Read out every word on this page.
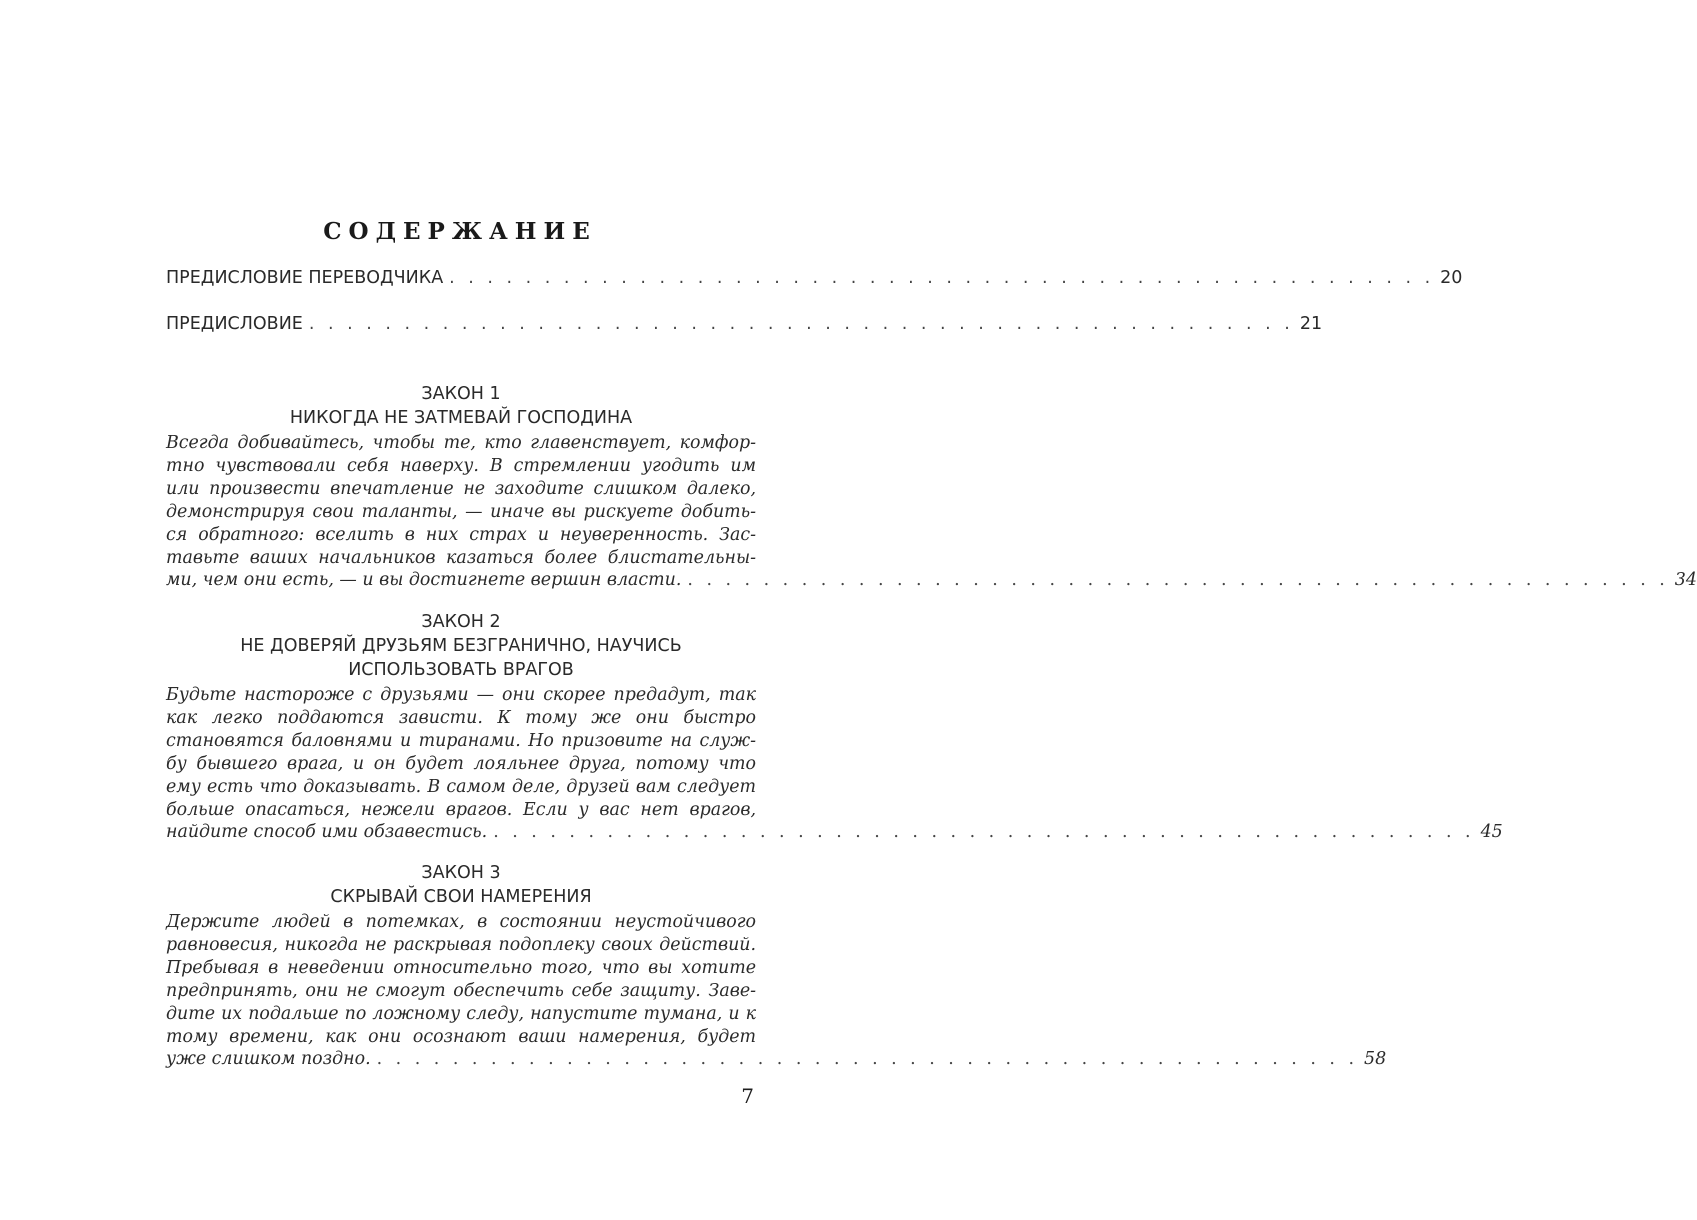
СОДЕРЖАНИЕ
ПРЕДИСЛОВИЕ ПЕРЕВОДЧИКА . . . . . . . . . . . . . . . . . . . . . . . . . . . . . . . . . . . . . . . . . . . . . . . . . . . . 20
ПРЕДИСЛОВИЕ . . . . . . . . . . . . . . . . . . . . . . . . . . . . . . . . . . . . . . . . . . . . . . . . . . . . 21
ЗАКОН 1
НИКОГДА НЕ ЗАТМЕВАЙ ГОСПОДИНА
Всегда добивайтесь, чтобы те, кто главенствует, комфор-
тно чувствовали себя наверху. В стремлении угодить им
или произвести впечатление не заходите слишком далеко,
демонстрируя свои таланты, — иначе вы рискуете добить-
ся обратного: вселить в них страх и неуверенность. Зас-
тавьте ваших начальников казаться более блистательны-
ми, чем они есть, — и вы достигнете вершин власти. . . . . . . . . . . . . . . . . . . . . . . . . . . . . . . . . . . . . . . . . . . . . . . . . . . . . 34
ЗАКОН 2
НЕ ДОВЕРЯЙ ДРУЗЬЯМ БЕЗГРАНИЧНО, НАУЧИСЬ
ИСПОЛЬЗОВАТЬ ВРАГОВ
Будьте настороже с друзьями — они скорее предадут, так
как легко поддаются зависти. К тому же они быстро
становятся баловнями и тиранами. Но призовите на служ-
бу бывшего врага, и он будет лояльнее друга, потому что
ему есть что доказывать. В самом деле, друзей вам следует
больше опасаться, нежели врагов. Если у вас нет врагов,
найдите способ ими обзавестись. . . . . . . . . . . . . . . . . . . . . . . . . . . . . . . . . . . . . . . . . . . . . . . . . . . . . 45
ЗАКОН 3
СКРЫВАЙ СВОИ НАМЕРЕНИЯ
Держите людей в потемках, в состоянии неустойчивого
равновесия, никогда не раскрывая подоплеку своих действий.
Пребывая в неведении относительно того, что вы хотите
предпринять, они не смогут обеспечить себе защиту. Заве-
дите их подальше по ложному следу, напустите тумана, и к
тому времени, как они осознают ваши намерения, будет
уже слишком поздно. . . . . . . . . . . . . . . . . . . . . . . . . . . . . . . . . . . . . . . . . . . . . . . . . . . . . 58
7
